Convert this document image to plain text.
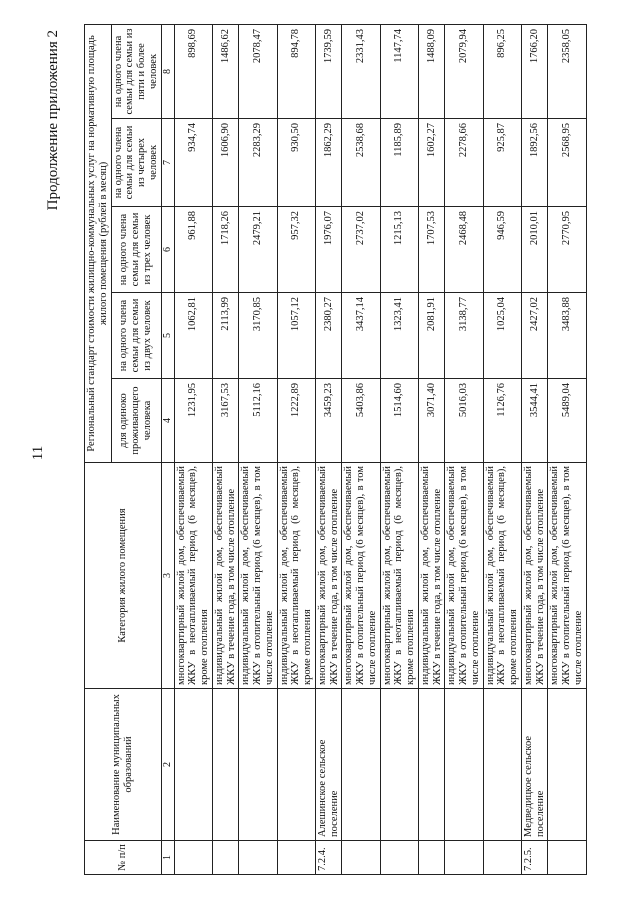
11
Продолжение приложения 2
№ п/п	Наименование муниципальных образований	Категория жилого помещения	Региональный стандарт стоимости жилищно-коммунальных услуг на нормативную площадь жилого помещения (рублей в месяц)				
			для одиноко проживающего человека	на одного члена семьи для семьи из двух человек	на одного члена семьи для семьи из трех человек	на одного члена семьи для семьи из четырех человек	на одного члена семьи для семьи из пяти и более человек
1	2	3	4	5	6	7	8
		многоквартирный жилой дом, обеспечиваемый ЖКУ в неотапливаемый период (6 месяцев), кроме отопления	1231,95	1062,81	961,88	934,74	898,69
		индивидуальный жилой дом, обеспечиваемый ЖКУ в течение года, в том числе отопление	3167,53	2113,99	1718,26	1606,90	1486,62
		индивидуальный жилой дом, обеспечиваемый ЖКУ в отопительный период (6 месяцев), в том числе отопление	5112,16	3170,85	2479,21	2283,29	2078,47
		индивидуальный жилой дом, обеспечиваемый ЖКУ в неотапливаемый период (6 месяцев), кроме отопления	1222,89	1057,12	957,32	930,50	894,78
7.2.4.	Алешинское сельское поселение	многоквартирный жилой дом, обеспечиваемый ЖКУ в течение года, в том числе отопление	3459,23	2380,27	1976,07	1862,29	1739,59
		многоквартирный жилой дом, обеспечиваемый ЖКУ в отопительный период (6 месяцев), в том числе отопление	5403,86	3437,14	2737,02	2538,68	2331,43
		многоквартирный жилой дом, обеспечиваемый ЖКУ в неотапливаемый период (6 месяцев), кроме отопления	1514,60	1323,41	1215,13	1185,89	1147,74
		индивидуальный жилой дом, обеспечиваемый ЖКУ в течение года, в том числе отопление	3071,40	2081,91	1707,53	1602,27	1488,09
		индивидуальный жилой дом, обеспечиваемый ЖКУ в отопительный период (6 месяцев), в том числе отопление	5016,03	3138,77	2468,48	2278,66	2079,94
		индивидуальный жилой дом, обеспечиваемый ЖКУ в неотапливаемый период (6 месяцев), кроме отопления	1126,76	1025,04	946,59	925,87	896,25
7.2.5.	Медведицкое сельское поселение	многоквартирный жилой дом, обеспечиваемый ЖКУ в течение года, в том числе отопление	3544,41	2427,02	2010,01	1892,56	1766,20
		многоквартирный жилой дом, обеспечиваемый ЖКУ в отопительный период (6 месяцев), в том числе отопление	5489,04	3483,88	2770,95	2568,95	2358,05
